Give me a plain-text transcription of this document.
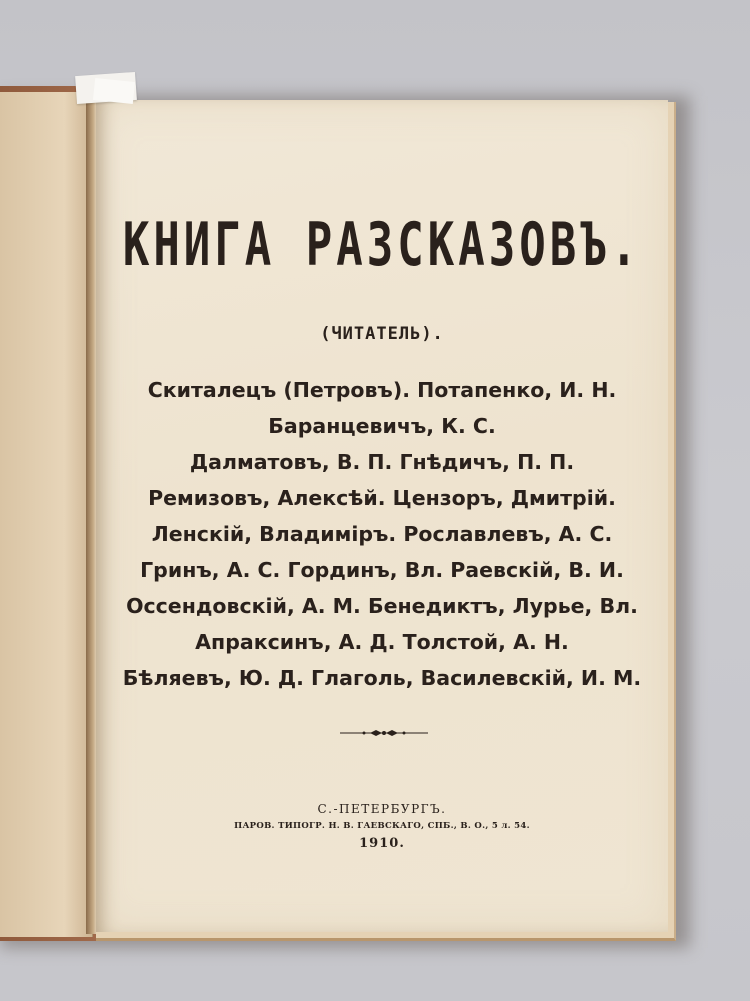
КНИГА РАЗСКАЗОВЪ.
(ЧИТАТЕЛЬ).
Скиталецъ (Петровъ). Потапенко, И. Н.
Баранцевичъ, К. С.
Далматовъ, В. П. Гнѣдичъ, П. П.
Ремизовъ, Алексѣй. Цензоръ, Дмитрій.
Ленскій, Владиміръ. Рославлевъ, А. С.
Гринъ, А. С. Гординъ, Вл. Раевскій, В. И.
Оссендовскій, А. М. Бенедиктъ, Лурье, Вл.
Апраксинъ, А. Д. Толстой, А. Н.
Бѣляевъ, Ю. Д. Глаголь, Василевскій, И. М.
С.-ПЕТЕРБУРГЪ.
ПАРОВ. ТИПОГР. Н. В. ГАЕВСКАГО, СПБ., В. О., 5 л. 54.
1910.
